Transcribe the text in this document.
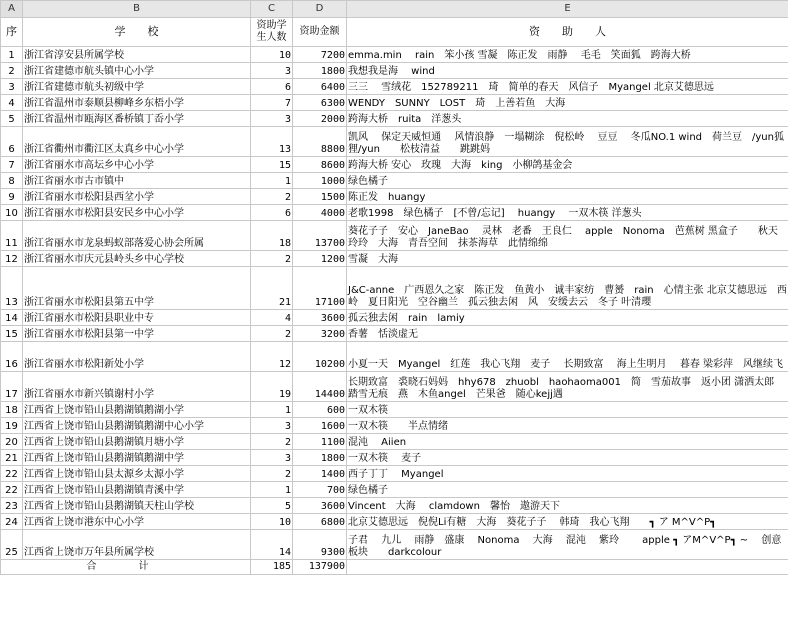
A	B	C	D	E
序	学　　校	资助学生人数	资助金额	资　　助　　人
1	浙江省淳安县所属学校	10	7200	emma.min　 rain　笨小孩 雪凝　陈正发　雨静　 毛毛　笑面狐　跨海大桥
2	浙江省建德市航头镇中心小学	3	1800	我想我是海　 wind
3	浙江省建德市航头初级中学	6	6400	三三　 雪绒花　152789211　琦　简单的春天　风信子　Myangel 北京艾德思远
4	浙江省温州市泰顺县柳峰乡东梧小学	7	6300	WENDY　SUNNY　LOST　琦　上善若鱼　大海
5	浙江省温州市瓯海区番桥镇丁岙小学	3	2000	跨海大桥　ruita　洋葱头
6	浙江省衢州市衢江区太真乡中心小学	13	8800	凯风　 保定天威恒通　 风情浪静　一塌糊涂　倪松岭　 豆豆　 冬瓜NO.1 wind　荷兰豆　/yun狐狸/yun　　松枝清益　　跳跳妈
7	浙江省丽水市高坛乡中心小学	15	8600	跨海大桥 安心　玫瑰　大海　king　小柳鸽基金会
8	浙江省丽水市古市镇中	1	1000	绿色橘子
9	浙江省丽水市松阳县西坌小学	2	1500	陈正发　huangy
10	浙江省丽水市松阳县安民乡中心小学	6	4000	老歌1998　绿色橘子　[不曾/忘记]　 huangy　 一双木筷 洋葱头
11	浙江省丽水市龙泉蚂蚁部落爱心协会所属	18	13700	葵花子子　安心　JaneBao　 灵林　老番　王良仁　 apple　Nonoma　芭蕉树 黑盒子　　秋天　玲玲　大海　青吾空间　抹茶海草　此情绵绵
12	浙江省丽水市庆元县岭头乡中心学校	2	1200	雪凝　大海
13	浙江省丽水市松阳县第五中学	21	17100	J&C-anne　广西恩久之家　陈正发　鱼黄小　诚丰家纺　曹赟　rain　心情主张 北京艾德思远　西岭　夏日阳光　空谷幽兰　孤云独去闲　风　安缓去云　冬子 叶清瓔
14	浙江省丽水市松阳县职业中专	4	3600	孤云独去闲　rain　lamiy
15	浙江省丽水市松阳县第一中学	2	3200	香薯　恬淡虚无
16	浙江省丽水市松阳新处小学	12	10200	小夏一天　Myangel　红莲　我心飞翔　麦子　 长期致富　 海上生明月　 暮春 梁彩萍　风继续飞
17	浙江省丽水市新兴镇谢村小学	19	14400	长期致富　裘晓石妈妈　hhy678　zhuobl　haohaoma001　简　雪茄故事　返小团 潇洒太郎　踏雪无痕　燕　木鱼angel　芒果爸　随心kejj遇
18	江西省上饶市铅山县鹅湖镇鹅湖小学	1	600	一双木筷
19	江西省上饶市铅山县鹅湖镇鹅湖中心小学	3	1600	一双木筷　　半点情绪
20	江西省上饶市铅山县鹅湖镇月塘小学	2	1100	混沌　 Aiien
21	江西省上饶市铅山县鹅湖镇鹅湖中学	3	1800	一双木筷　 麦子
22	江西省上饶市铅山县太源乡太源小学	2	1400	西子丁丁　 Myangel
22	江西省上饶市铅山县鹅湖镇青溪中学	1	700	绿色橘子
23	江西省上饶市铅山县鹅湖镇天柱山学校	5	3600	Vincent　大海　 clamdown　馨怡　遨游天下
24	江西省上饶市港东中心小学	10	6800	北京艾德思远　倪倪Li有糖　大海　葵花子子　 韩琦　我心飞翔　　┓ ア M^V^P┓
25	江西省上饶市万年县所属学校	14	9300	子君　 九儿　 雨静　盛康　 Nonoma　 大海　 混沌　 紫玲　　 apple ┓ アM^V^P┓ ~　 创意板块　　darkcolour
合　计		185	137900	
